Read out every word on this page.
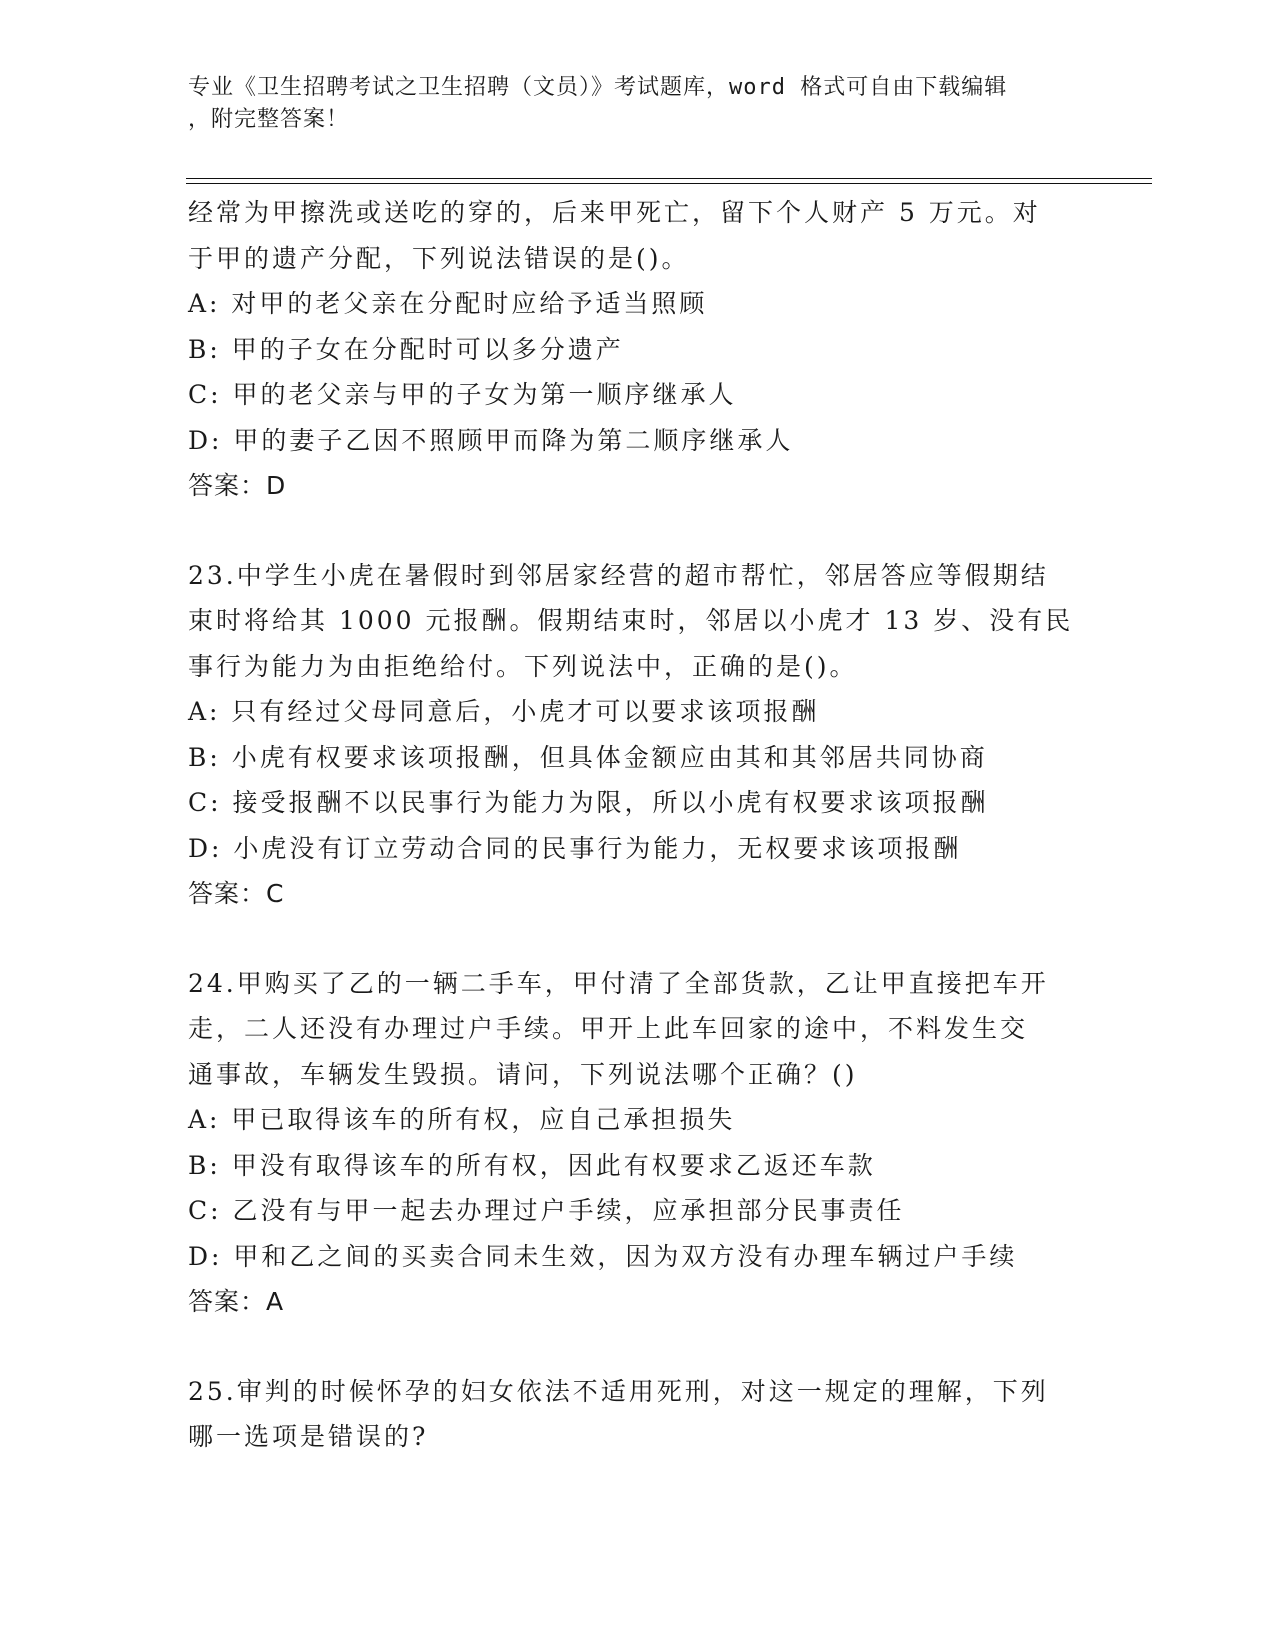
专业《卫生招聘考试之卫生招聘（文员）》考试题库，word 格式可自由下载编辑
，附完整答案！
经常为甲擦洗或送吃的穿的，后来甲死亡，留下个人财产 5 万元。对
于甲的遗产分配，下列说法错误的是()。
A: 对甲的老父亲在分配时应给予适当照顾
B: 甲的子女在分配时可以多分遗产
C: 甲的老父亲与甲的子女为第一顺序继承人
D: 甲的妻子乙因不照顾甲而降为第二顺序继承人
答案：D
23.中学生小虎在暑假时到邻居家经营的超市帮忙，邻居答应等假期结
束时将给其 1000 元报酬。假期结束时，邻居以小虎才 13 岁、没有民
事行为能力为由拒绝给付。下列说法中，正确的是()。
A: 只有经过父母同意后，小虎才可以要求该项报酬
B: 小虎有权要求该项报酬，但具体金额应由其和其邻居共同协商
C: 接受报酬不以民事行为能力为限，所以小虎有权要求该项报酬
D: 小虎没有订立劳动合同的民事行为能力，无权要求该项报酬
答案：C
24.甲购买了乙的一辆二手车，甲付清了全部货款，乙让甲直接把车开
走，二人还没有办理过户手续。甲开上此车回家的途中，不料发生交
通事故，车辆发生毁损。请问，下列说法哪个正确？()
A: 甲已取得该车的所有权，应自己承担损失
B: 甲没有取得该车的所有权，因此有权要求乙返还车款
C: 乙没有与甲一起去办理过户手续，应承担部分民事责任
D: 甲和乙之间的买卖合同未生效，因为双方没有办理车辆过户手续
答案：A
25.审判的时候怀孕的妇女依法不适用死刑，对这一规定的理解，下列
哪一选项是错误的?
